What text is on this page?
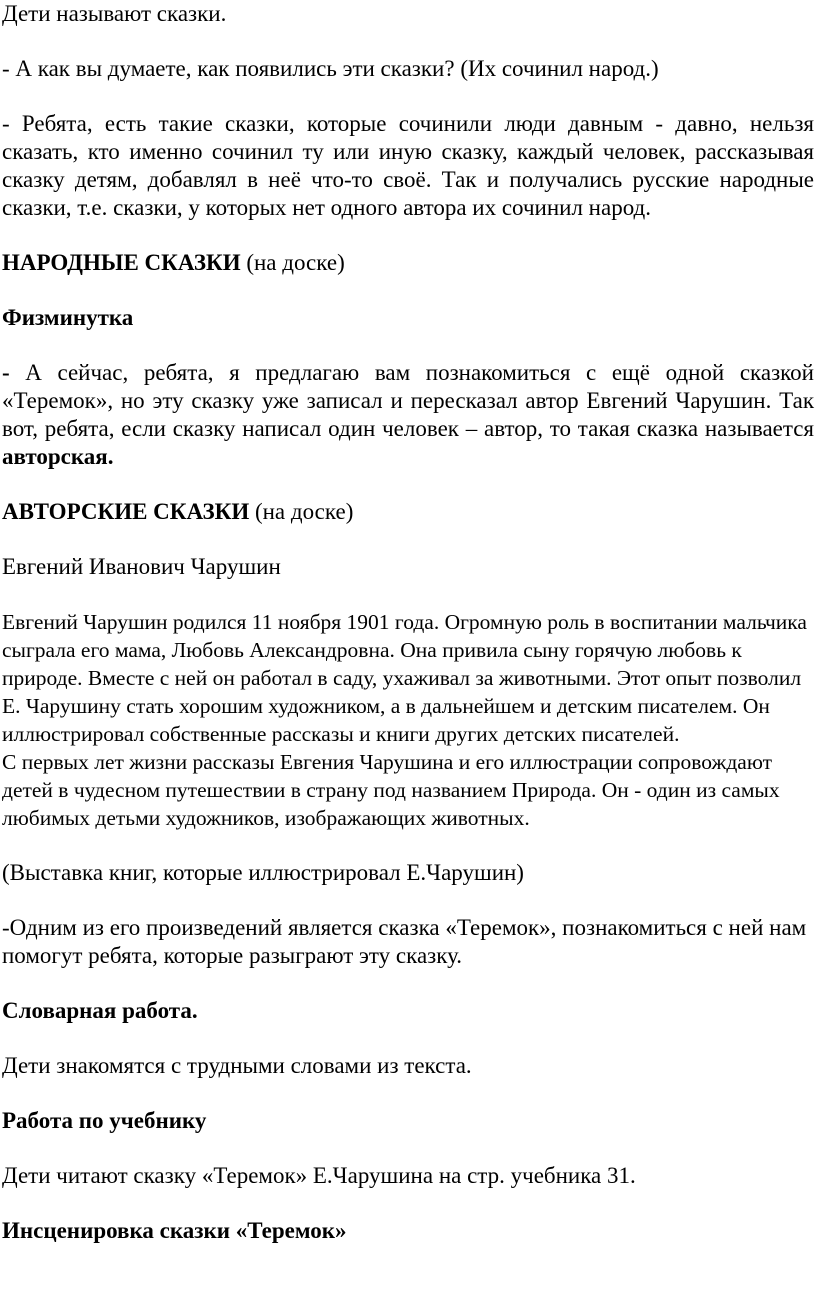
Дети называют сказки.

- А как вы думаете, как появились эти сказки? (Их сочинил народ.)

- Ребята, есть такие сказки, которые сочинили люди давным - давно, нельзя сказать, кто именно сочинил ту или иную сказку, каждый человек, рассказывая сказку детям, добавлял в неё что-то своё. Так и получались русские народные сказки, т.е. сказки, у которых нет одного автора их сочинил народ.

НАРОДНЫЕ СКАЗКИ (на доске)

Физминутка

- А сейчас, ребята, я предлагаю вам познакомиться с ещё одной сказкой «Теремок», но эту сказку уже записал и пересказал автор Евгений Чарушин. Так вот, ребята, если сказку написал один человек – автор, то такая сказка называется авторская.

АВТОРСКИЕ СКАЗКИ (на доске)

Евгений Иванович Чарушин

Евгений Чарушин родился 11 ноября 1901 года. Огромную роль в воспитании мальчика сыграла его мама, Любовь Александровна. Она привила сыну горячую любовь к природе. Вместе с ней он работал в саду, ухаживал за животными. Этот опыт позволил Е. Чарушину стать хорошим художником, а в дальнейшем и детским писателем. Он иллюстрировал собственные рассказы и книги других детских писателей.

С первых лет жизни рассказы Евгения Чарушина и его иллюстрации сопровождают детей в чудесном путешествии в страну под названием Природа. Он - один из самых любимых детьми художников, изображающих животных.

(Выставка книг, которые иллюстрировал Е.Чарушин)

-Одним из его произведений является сказка «Теремок», познакомиться с ней нам помогут ребята, которые разыграют эту сказку.

Словарная работа.

Дети знакомятся с трудными словами из текста.

Работа по учебнику

Дети читают сказку «Теремок» Е.Чарушина на стр. учебника 31.

Инсценировка сказки «Теремок»
